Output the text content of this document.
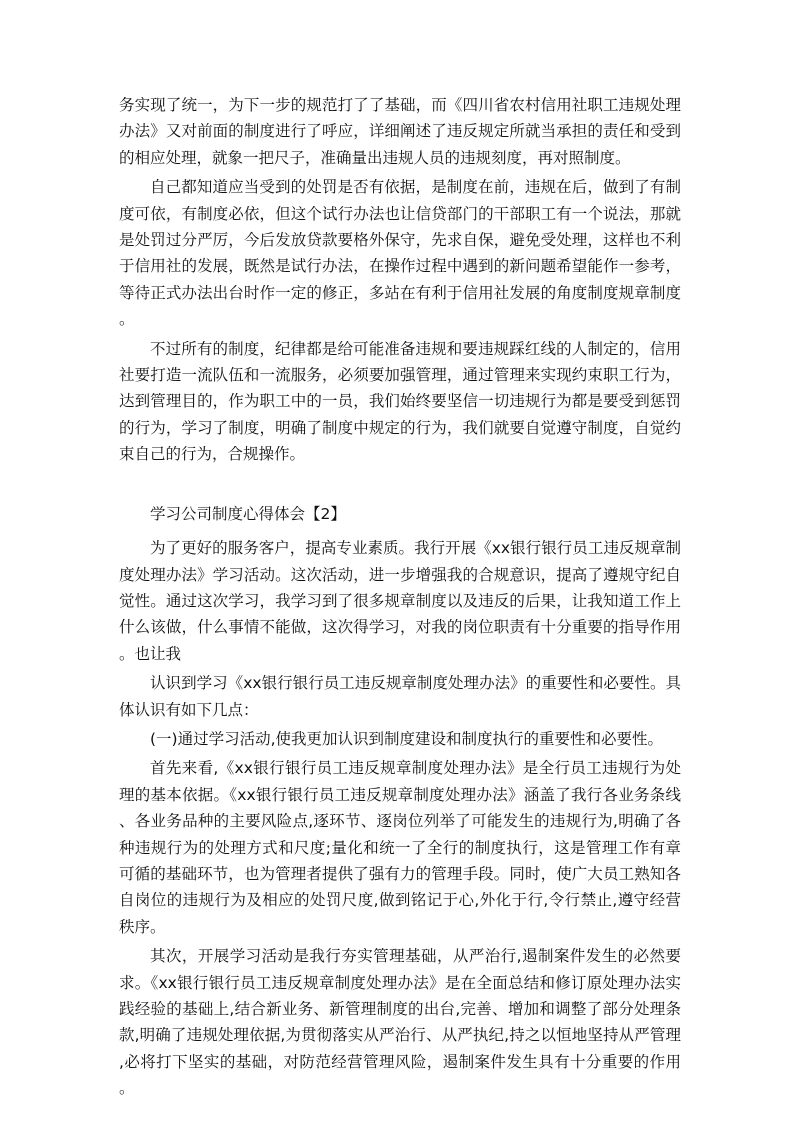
务实现了统一，为下一步的规范打了了基础，而《四川省农村信用社职工违规处理办法》又对前面的制度进行了呼应，详细阐述了违反规定所就当承担的责任和受到的相应处理，就象一把尺子，准确量出违规人员的违规刻度，再对照制度。

自己都知道应当受到的处罚是否有依据，是制度在前，违规在后，做到了有制度可依，有制度必依，但这个试行办法也让信贷部门的干部职工有一个说法，那就是处罚过分严厉，今后发放贷款要格外保守，先求自保，避免受处理，这样也不利于信用社的发展，既然是试行办法，在操作过程中遇到的新问题希望能作一参考，等待正式办法出台时作一定的修正，多站在有利于信用社发展的角度制度规章制度。

不过所有的制度，纪律都是给可能准备违规和要违规踩红线的人制定的，信用社要打造一流队伍和一流服务，必须要加强管理，通过管理来实现约束职工行为，达到管理目的，作为职工中的一员，我们始终要坚信一切违规行为都是要受到惩罚的行为，学习了制度，明确了制度中规定的行为，我们就要自觉遵守制度，自觉约束自己的行为，合规操作。

学习公司制度心得体会【2】

为了更好的服务客户，提高专业素质。我行开展《xx银行银行员工违反规章制度处理办法》学习活动。这次活动，进一步增强我的合规意识，提高了遵规守纪自觉性。通过这次学习，我学习到了很多规章制度以及违反的后果，让我知道工作上什么该做，什么事情不能做，这次得学习，对我的岗位职责有十分重要的指导作用。也让我

认识到学习《xx银行银行员工违反规章制度处理办法》的重要性和必要性。具体认识有如下几点：

(一)通过学习活动,使我更加认识到制度建设和制度执行的重要性和必要性。

首先来看,《xx银行银行员工违反规章制度处理办法》是全行员工违规行为处理的基本依据。《xx银行银行员工违反规章制度处理办法》涵盖了我行各业务条线、各业务品种的主要风险点,逐环节、逐岗位列举了可能发生的违规行为,明确了各种违规行为的处理方式和尺度;量化和统一了全行的制度执行，这是管理工作有章可循的基础环节，也为管理者提供了强有力的管理手段。同时，使广大员工熟知各自岗位的违规行为及相应的处罚尺度,做到铭记于心,外化于行,令行禁止,遵守经营秩序。

其次，开展学习活动是我行夯实管理基础，从严治行,遏制案件发生的必然要求。《xx银行银行员工违反规章制度处理办法》是在全面总结和修订原处理办法实践经验的基础上,结合新业务、新管理制度的出台,完善、增加和调整了部分处理条款,明确了违规处理依据,为贯彻落实从严治行、从严执纪,持之以恒地坚持从严管理,必将打下坚实的基础，对防范经营管理风险，遏制案件发生具有十分重要的作用。
